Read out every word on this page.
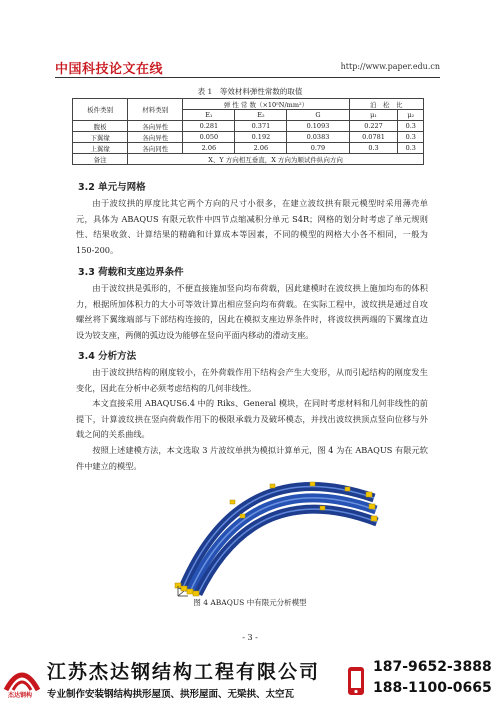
中国科技论文在线	http://www.paper.edu.cn
表 1　等效材料弹性常数的取值
板件类别	材料类别	弹 性 常 数（×10⁵N/mm²）			泊　松　比	
		E₁	E₂	G	μ₁	μ₂
腹板	各向异性	0.281	0.371	0.1093	0.227	0.3
下翼缘	各向异性	0.050	0.192	0.0383	0.0781	0.3
上翼缘	各向同性	2.06	2.06	0.79	0.3	0.3
备注	X、Y 方向相互垂直，X 方向为顺试件纵向方向					
3.2 单元与网格
由于波纹拱的厚度比其它两个方向的尺寸小很多，在建立波纹拱有限元模型时采用薄壳单元，具体为 ABAQUS 有限元软件中四节点缩减积分单元 S4R；网格的划分时考虑了单元规则性、结果收敛、计算结果的精确和计算成本等因素，不同的模型的网格大小各不相同，一般为 150-200。
3.3 荷载和支座边界条件
由于波纹拱是弧形的，不便直接施加竖向均布荷载，因此建模时在波纹拱上施加均布的体积力，根据所加体积力的大小可等效计算出相应竖向均布荷载。在实际工程中，波纹拱是通过自攻螺丝将下翼缘端部与下部结构连接的，因此在模拟支座边界条件时，将波纹拱两端的下翼缘直边设为铰支座，两侧的弧边设为能够在竖向平面内移动的滑动支座。
3.4 分析方法
由于波纹拱结构的刚度较小，在外荷载作用下结构会产生大变形，从而引起结构的刚度发生变化，因此在分析中必须考虑结构的几何非线性。
本文直接采用 ABAQUS6.4 中的 Riks、General 模块，在同时考虑材料和几何非线性的前提下，计算波纹拱在竖向荷载作用下的极限承载力及破坏模态，并找出波纹拱顶点竖向位移与外载之间的关系曲线。
按照上述建模方法，本文选取 3 片波纹单拱为模拟计算单元，图 4 为在 ABAQUS 有限元软件中建立的模型。
图 4 ABAQUS 中有限元分析模型
- 3 -
杰达钢构
江苏杰达钢结构工程有限公司
专业制作安装钢结构拱形屋顶、拱形屋面、无梁拱、太空瓦
187-9652-3888
188-1100-0665
